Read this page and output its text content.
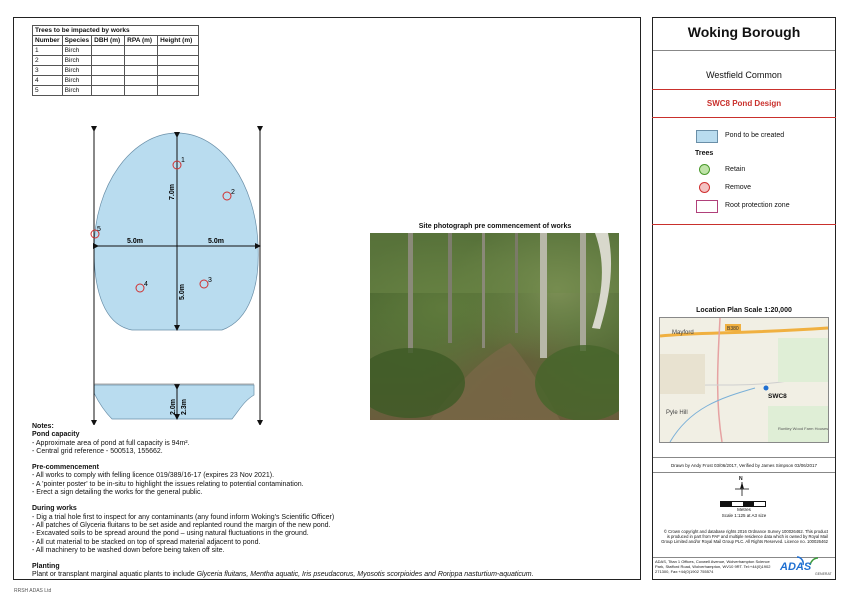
Trees to be impacted by works				
Number	Species	DBH (m)	RPA (m)	Height (m)
1	Birch			
2	Birch			
3	Birch			
4	Birch			
5	Birch			
5.0m	5.0m
7.0m
5.0m
2.0m 2.3m
1
2
3
4
5	Site photograph pre commencement of works
Notes:
Pond capacity
- Approximate area of pond at full capacity is 94m².
- Central grid reference - 500513, 155662.
Pre-commencement
- All works to comply with felling licence 019/389/16-17 (expires 23 Nov 2021).
- A 'pointer poster' to be in-situ to highlight the issues relating to potential contamination.
- Erect a sign detailing the works for the general public.
During works
- Dig a trial hole first to inspect for any contaminants (any found inform Woking's Scientific Officer)
- All patches of Glyceria fluitans to be set aside and replanted round the margin of the new pond.
- Excavated soils to be spread around the pond – using natural fluctuations in the ground.
- All cut material to be stacked on top of spread material adjacent to pond.
- All machinery to be washed down before being taken off site.
Planting
Plant or transplant marginal aquatic plants to include Glyceria fluitans, Mentha aquatic, Iris pseudacorus, Myosotis scorpioides and Rorippa nasturtium-aquaticum.
RRSH ADAS Ltd
Woking Borough
Westfield Common
SWC8 Pond Design
Pond to be created
Trees
Retain
Remove
Root protection zone
Location Plan Scale 1:20,000
Mayford
B380
Pyle Hill
SWC8
Runtley Wood Farm Houses
Drawn by Andy Frost 03/06/2017, Verified by James Simpson 03/06/2017
N
Metres
Scale 1:125 at A3 size
© Crown copyright and database rights 2016 Ordnance Survey 100026462. This product is produced in part from PAF and multiple residence data which is owned by Royal Mail Group Limited and/or Royal Mail Group PLC. All Rights Reserved. Licence no. 100026462
ADAS, Titan 1 Offices, Coxwell Avenue, Wolverhampton Science Park, Stafford Road, Wolverhampton, WV10 9RT. Tel:+44(0)1902 271300, Fax:+44(0)1902 755574	ADAS
GENERAT
